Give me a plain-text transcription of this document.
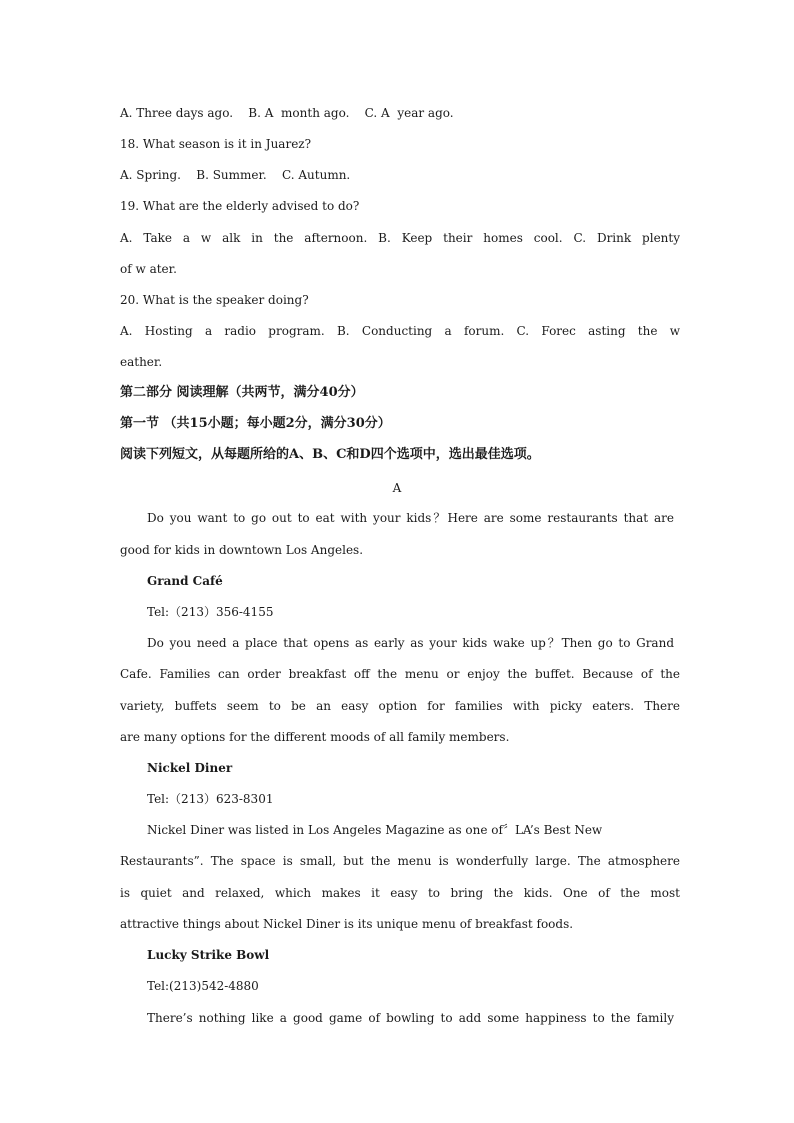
A. Three days ago.    B. A  month ago.    C. A  year ago.
18. What season is it in Juarez?
A. Spring.    B. Summer.    C. Autumn.
19. What are the elderly advised to do?
A. Take a w alk in the afternoon. B. Keep their homes cool. C. Drink plenty
of w ater.
20. What is the speaker doing?
A. Hosting a radio program. B. Conducting a forum. C. Forec asting the w
eather.
第二部分 阅读理解（共两节，满分40分）
第一节 （共15小题；每小题2分，满分30分）
阅读下列短文，从每题所给的A、B、C和D四个选项中，选出最佳选项。
A
Do you want to go out to eat with your kids？Here are some restaurants that are
good for kids in downtown Los Angeles.
Grand Café
Tel:（213）356-4155
Do you need a place that opens as early as your kids wake up？Then go to Grand
Cafe. Families can order breakfast off the menu or enjoy the buffet. Because of the
variety, buffets seem to be an easy option for families with picky eaters. There
are many options for the different moods of all family members.
Nickel Diner
Tel:（213）623-8301
Nickel Diner was listed in Los Angeles Magazine as one of〞LA’s Best New
Restaurants”. The space is small, but the menu is wonderfully large. The atmosphere
is quiet and relaxed, which makes it easy to bring the kids. One of the most
attractive things about Nickel Diner is its unique menu of breakfast foods.
Lucky Strike Bowl
Tel:(213)542-4880
There’s nothing like a good game of bowling to add some happiness to the family
